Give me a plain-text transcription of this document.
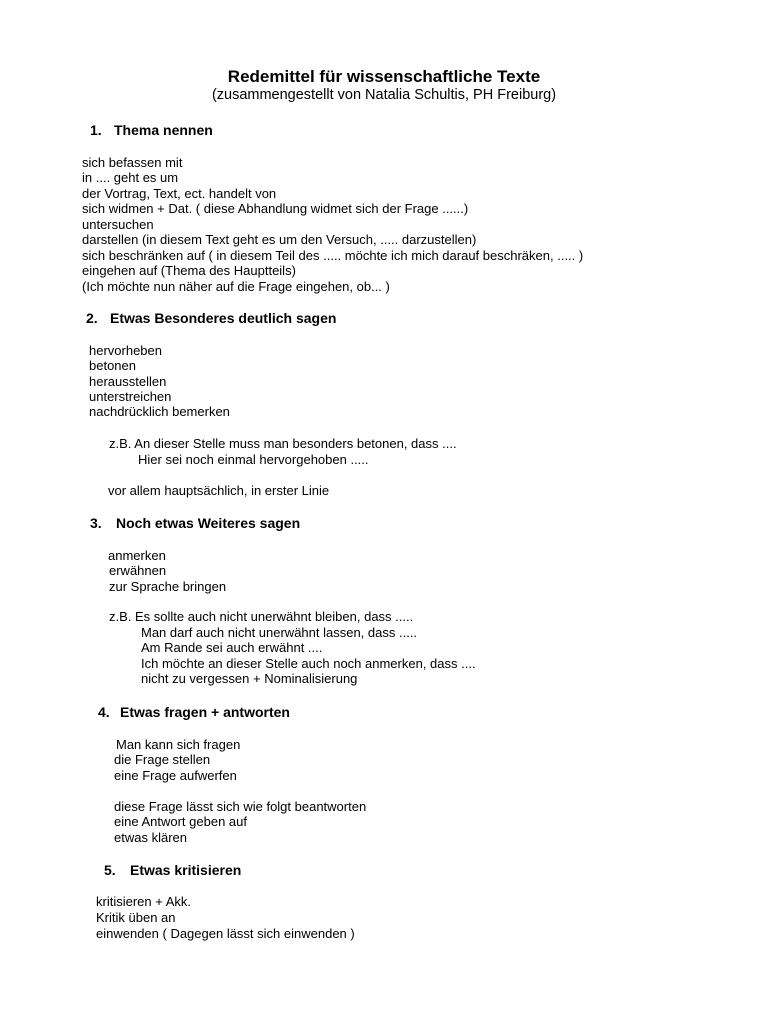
Redemittel für wissenschaftliche Texte
(zusammengestellt von Natalia Schultis, PH Freiburg)
1. Thema nennen
sich befassen mit
in .... geht es um
der Vortrag, Text, ect. handelt von
sich widmen + Dat. ( diese Abhandlung widmet sich der Frage ......)
untersuchen
darstellen (in diesem Text geht es um den Versuch, ..... darzustellen)
sich beschränken auf ( in diesem Teil des ..... möchte ich mich darauf beschräken, ..... )
eingehen auf (Thema des Hauptteils)
(Ich möchte nun näher auf die Frage eingehen, ob... )
2. Etwas Besonderes deutlich sagen
hervorheben
betonen
herausstellen
unterstreichen
nachdrücklich bemerken
z.B. An dieser Stelle muss man besonders betonen, dass ....
Hier sei noch einmal hervorgehoben .....
vor allem hauptsächlich, in erster Linie
3. Noch etwas Weiteres sagen
anmerken
erwähnen
zur Sprache bringen
z.B. Es sollte auch nicht unerwähnt bleiben, dass .....
Man darf auch nicht unerwähnt lassen, dass .....
Am Rande sei auch erwähnt ....
Ich möchte an dieser Stelle auch noch anmerken, dass ....
nicht zu vergessen + Nominalisierung
4. Etwas fragen + antworten
Man kann sich fragen
die Frage stellen
eine Frage aufwerfen
diese Frage lässt sich wie folgt beantworten
eine Antwort geben auf
etwas klären
5. Etwas kritisieren
kritisieren + Akk.
Kritik üben an
einwenden ( Dagegen lässt sich einwenden )
